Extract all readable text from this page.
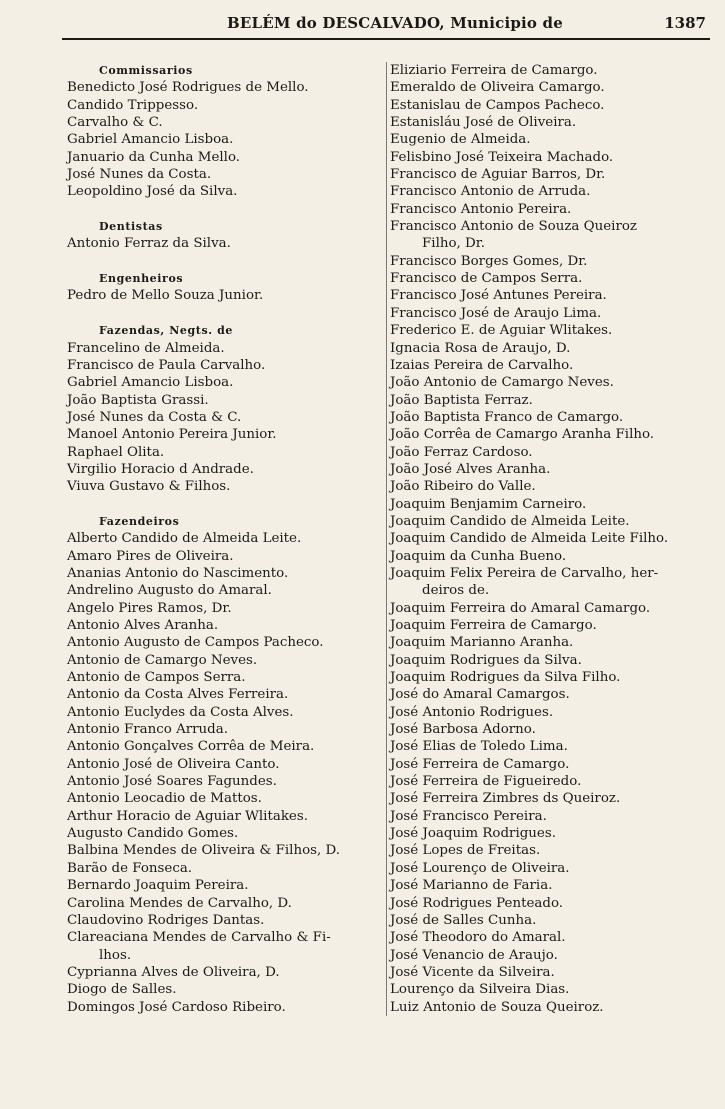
BELÉM do DESCALVADO, Municipio de	1387
Commissarios
Benedicto José Rodrigues de Mello.
Candido Trippesso.
Carvalho & C.
Gabriel Amancio Lisboa.
Januario da Cunha Mello.
José Nunes da Costa.
Leopoldino José da Silva.
Dentistas
Antonio Ferraz da Silva.
Engenheiros
Pedro de Mello Souza Junior.
Fazendas, Negts. de
Francelino de Almeida.
Francisco de Paula Carvalho.
Gabriel Amancio Lisboa.
João Baptista Grassi.
José Nunes da Costa & C.
Manoel Antonio Pereira Junior.
Raphael Olita.
Virgilio Horacio d Andrade.
Viuva Gustavo & Filhos.
Fazendeiros
Alberto Candido de Almeida Leite.
Amaro Pires de Oliveira.
Ananias Antonio do Nascimento.
Andrelino Augusto do Amaral.
Angelo Pires Ramos, Dr.
Antonio Alves Aranha.
Antonio Augusto de Campos Pacheco.
Antonio de Camargo Neves.
Antonio de Campos Serra.
Antonio da Costa Alves Ferreira.
Antonio Euclydes da Costa Alves.
Antonio Franco Arruda.
Antonio Gonçalves Corrêa de Meira.
Antonio José de Oliveira Canto.
Antonio José Soares Fagundes.
Antonio Leocadio de Mattos.
Arthur Horacio de Aguiar Wlitakes.
Augusto Candido Gomes.
Balbina Mendes de Oliveira & Filhos, D.
Barão de Fonseca.
Bernardo Joaquim Pereira.
Carolina Mendes de Carvalho, D.
Claudovino Rodriges Dantas.
Clareaciana Mendes de Carvalho & Fi-
lhos.
Cyprianna Alves de Oliveira, D.
Diogo de Salles.
Domingos José Cardoso Ribeiro.
Eliziario Ferreira de Camargo.
Emeraldo de Oliveira Camargo.
Estanislau de Campos Pacheco.
Estanisláu José de Oliveira.
Eugenio de Almeida.
Felisbino José Teixeira Machado.
Francisco de Aguiar Barros, Dr.
Francisco Antonio de Arruda.
Francisco Antonio Pereira.
Francisco Antonio de Souza Queiroz
Filho, Dr.
Francisco Borges Gomes, Dr.
Francisco de Campos Serra.
Francisco José Antunes Pereira.
Francisco José de Araujo Lima.
Frederico E. de Aguiar Wlitakes.
Ignacia Rosa de Araujo, D.
Izaias Pereira de Carvalho.
João Antonio de Camargo Neves.
João Baptista Ferraz.
João Baptista Franco de Camargo.
João Corrêa de Camargo Aranha Filho.
João Ferraz Cardoso.
João José Alves Aranha.
João Ribeiro do Valle.
Joaquim Benjamim Carneiro.
Joaquim Candido de Almeida Leite.
Joaquim Candido de Almeida Leite Filho.
Joaquim da Cunha Bueno.
Joaquim Felix Pereira de Carvalho, her-
deiros de.
Joaquim Ferreira do Amaral Camargo.
Joaquim Ferreira de Camargo.
Joaquim Marianno Aranha.
Joaquim Rodrigues da Silva.
Joaquim Rodrigues da Silva Filho.
José do Amaral Camargos.
José Antonio Rodrigues.
José Barbosa Adorno.
José Elias de Toledo Lima.
José Ferreira de Camargo.
José Ferreira de Figueiredo.
José Ferreira Zimbres ds Queiroz.
José Francisco Pereira.
José Joaquim Rodrigues.
José Lopes de Freitas.
José Lourenço de Oliveira.
José Marianno de Faria.
José Rodrigues Penteado.
José de Salles Cunha.
José Theodoro do Amaral.
José Venancio de Araujo.
José Vicente da Silveira.
Lourenço da Silveira Dias.
Luiz Antonio de Souza Queiroz.
